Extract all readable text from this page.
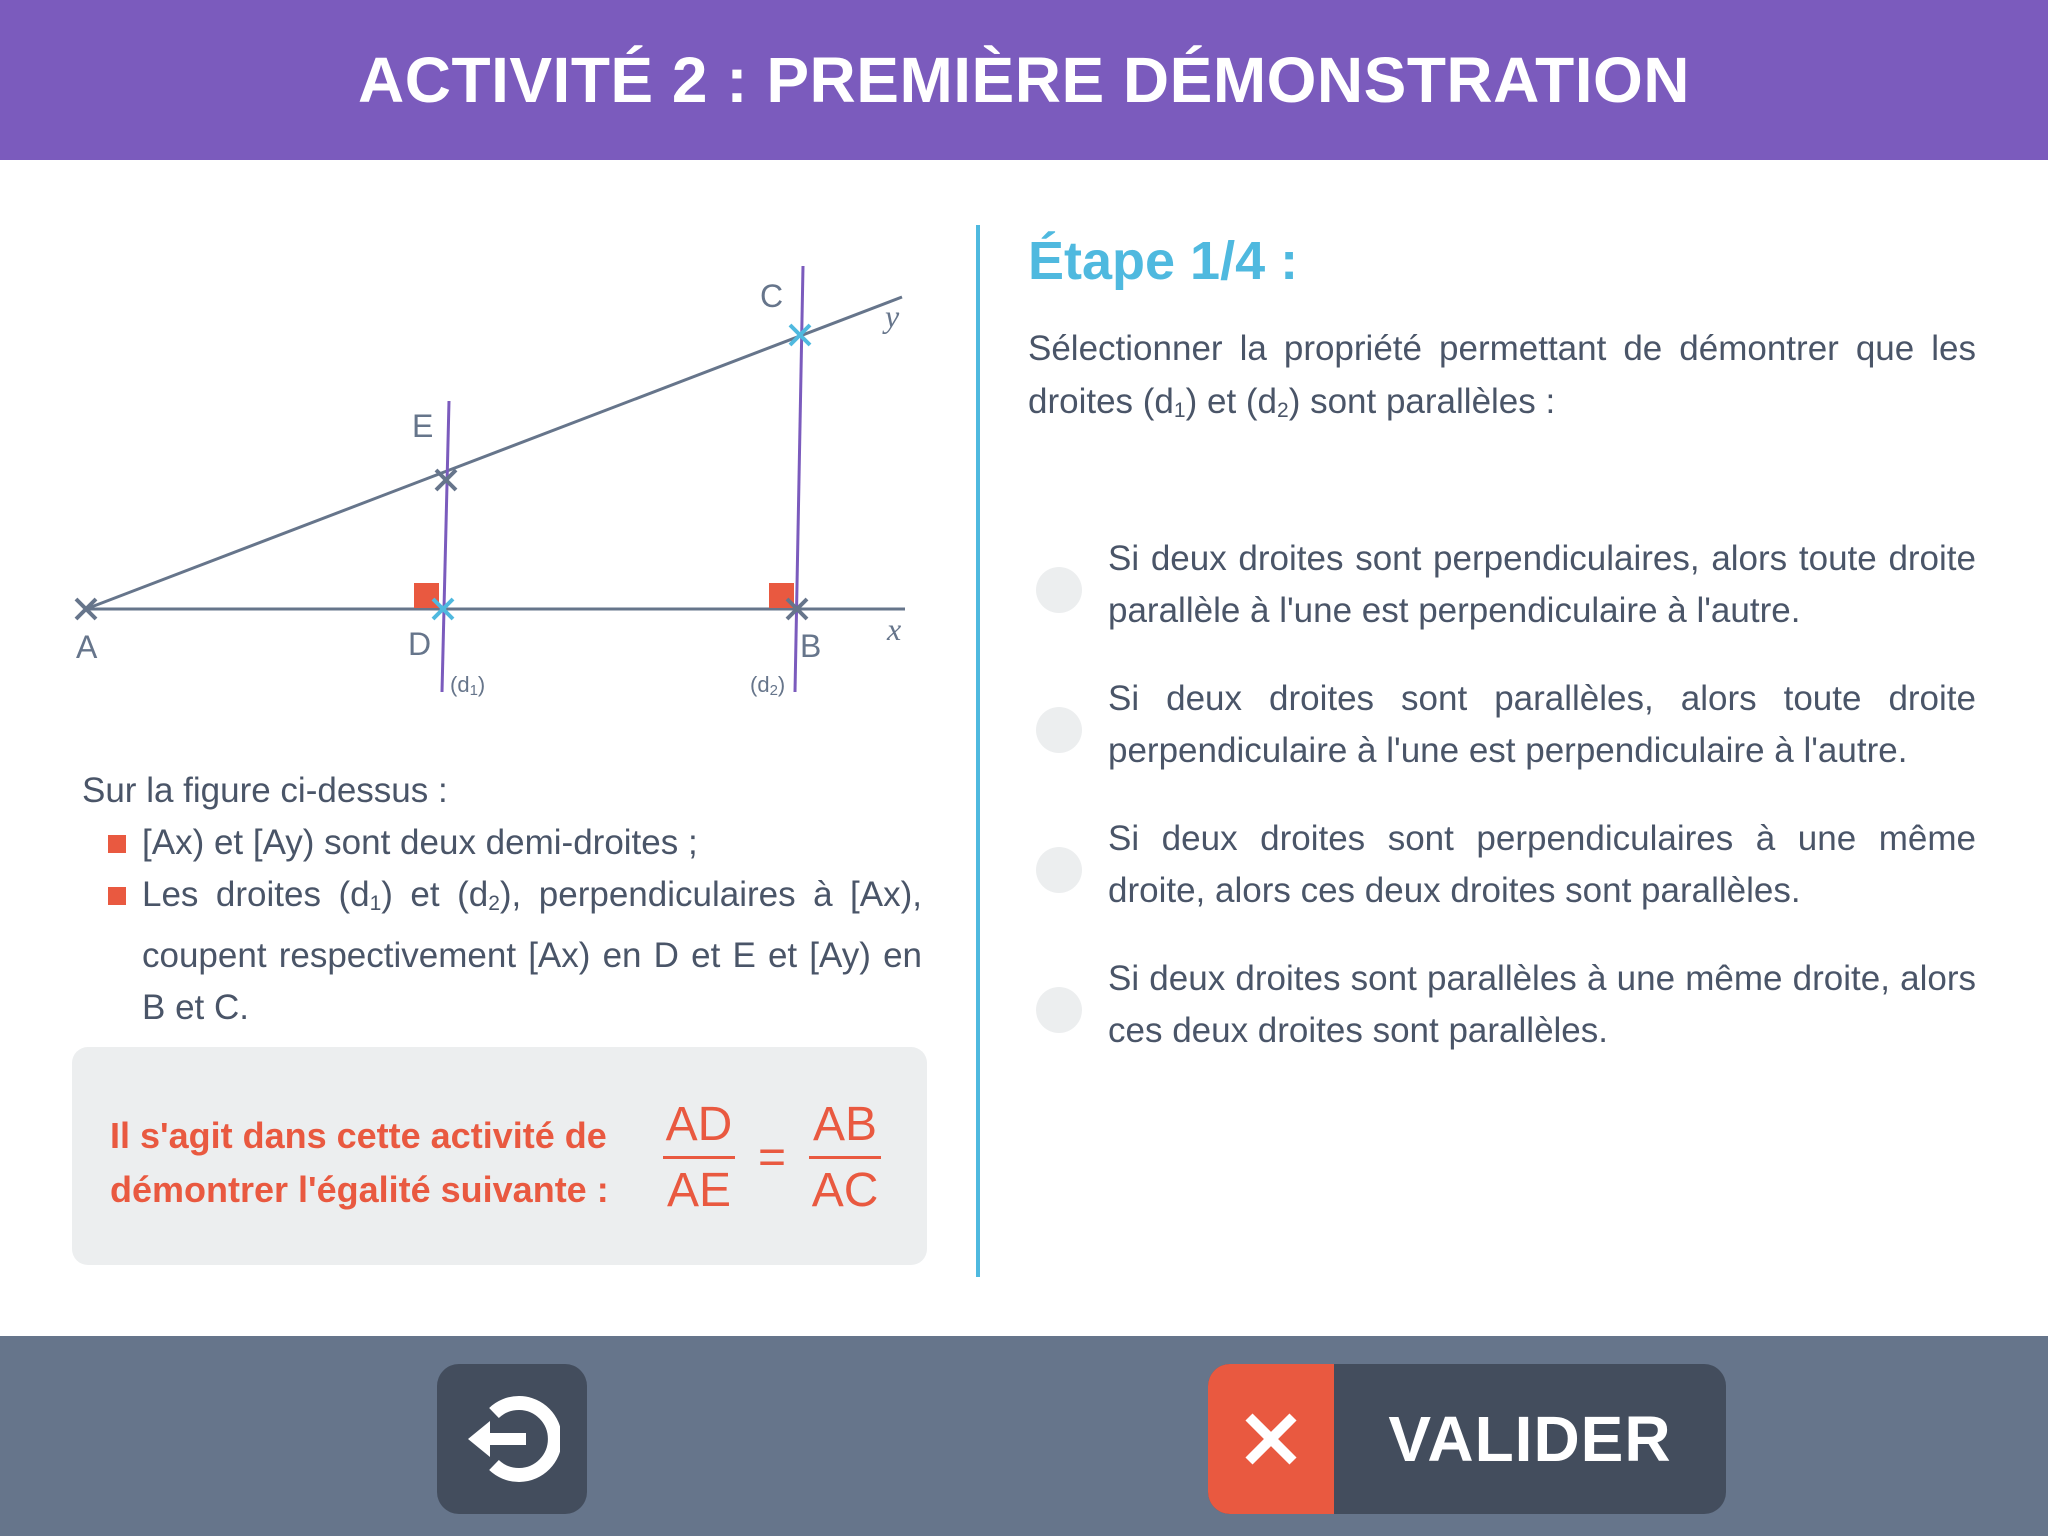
ACTIVITÉ 2 : PREMIÈRE DÉMONSTRATION
A	D	B
E
C
x
y
(d1)	(d2)

Sur la figure ci-dessus :

[Ax) et [Ay) sont deux demi-droites ;
Les droites $(d_1)$ et $(d_2)$, perpendiculaires à [Ax), coupent respectivement [Ax) en D et E et [Ay) en B et C.

Il s'agit dans cette activité de démontrer l'égalité suivante :	$\frac{AD}{AE} = \frac{AB}{AC}$
Étape 1/4 :

Sélectionner la propriété permettant de démontrer que les droites $(d_1)$ et $(d_2)$ sont parallèles :

Si deux droites sont perpendiculaires, alors toute droite parallèle à l'une est perpendiculaire à l'autre.
Si deux droites sont parallèles, alors toute droite perpendiculaire à l'une est perpendiculaire à l'autre.
Si deux droites sont perpendiculaires à une même droite, alors ces deux droites sont parallèles.
Si deux droites sont parallèles à une même droite, alors ces deux droites sont parallèles.
VALIDER
